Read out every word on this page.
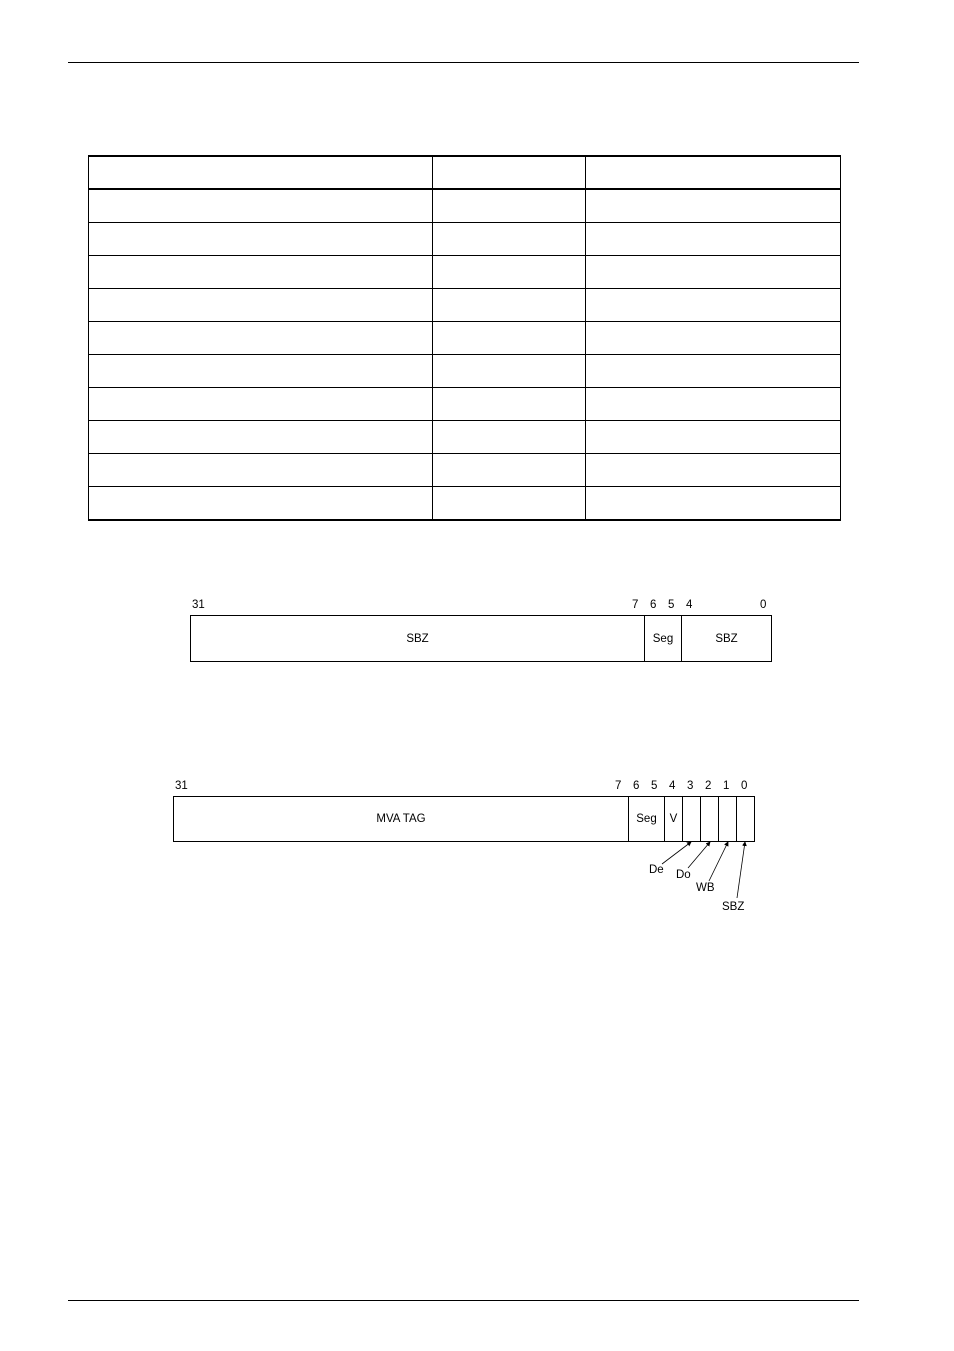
31	7 6 5 4	0
SBZ	Seg	SBZ
31	7 6 5 4 3 2 1 0
MVA TAG	Seg	V
De Do
WB
SBZ
